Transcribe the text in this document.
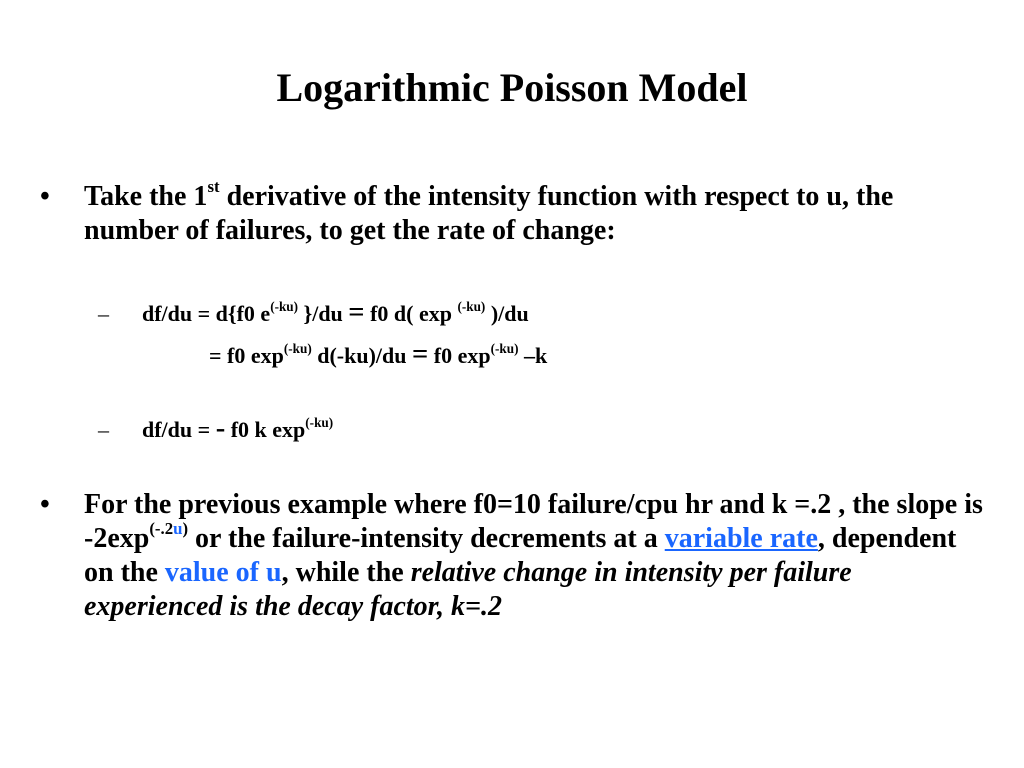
Logarithmic Poisson Model
• Take the 1st derivative of the intensity function with respect to u, the number of failures, to get the rate of change:
– df/du = d{f0 $e^{(-ku)}$ }/du = f0 d( exp $^{(-ku)}$ )/du
= f0 $\exp^{(-ku)} d(-ku)/du = f0$ $\exp^{(-ku)} -k$
– df/du = - f0 k $\exp^{(-ku)}$
• For the previous example where f0=10 failure/cpu hr and k =.2 , the slope is $-2\exp^{(-.2u)}$ or the failure-intensity decrements at a variable rate, dependent on the value of u, while the relative change in intensity per failure experienced is the decay factor, k=.2
